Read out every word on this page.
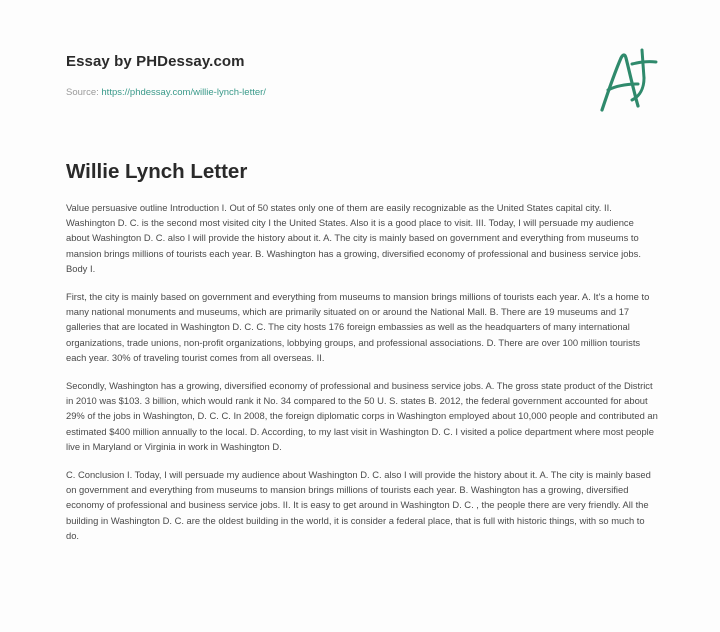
Essay by PHDessay.com
Source: https://phdessay.com/willie-lynch-letter/
Willie Lynch Letter

Value persuasive outline Introduction I. Out of 50 states only one of them are easily recognizable as the United States capital city. II. Washington D. C. is the second most visited city I the United States. Also it is a good place to visit. III. Today, I will persuade my audience about Washington D. C. also I will provide the history about it. A. The city is mainly based on government and everything from museums to mansion brings millions of tourists each year. B. Washington has a growing, diversified economy of professional and business service jobs. Body I.

First, the city is mainly based on government and everything from museums to mansion brings millions of tourists each year. A. It's a home to many national monuments and museums, which are primarily situated on or around the National Mall. B. There are 19 museums and 17 galleries that are located in Washington D. C. C. The city hosts 176 foreign embassies as well as the headquarters of many international organizations, trade unions, non-profit organizations, lobbying groups, and professional associations. D. There are over 100 million tourists each year. 30% of traveling tourist comes from all overseas. II.

Secondly, Washington has a growing, diversified economy of professional and business service jobs. A. The gross state product of the District in 2010 was $103. 3 billion, which would rank it No. 34 compared to the 50 U. S. states B. 2012, the federal government accounted for about 29% of the jobs in Washington, D. C. C. In 2008, the foreign diplomatic corps in Washington employed about 10,000 people and contributed an estimated $400 million annually to the local. D. According, to my last visit in Washington D. C. I visited a police department where most people live in Maryland or Virginia in work in Washington D.

C. Conclusion I. Today, I will persuade my audience about Washington D. C. also I will provide the history about it. A. The city is mainly based on government and everything from museums to mansion brings millions of tourists each year. B. Washington has a growing, diversified economy of professional and business service jobs. II. It is easy to get around in Washington D. C. , the people there are very friendly. All the building in Washington D. C. are the oldest building in the world, it is consider a federal place, that is full with historic things, with so much to do.
